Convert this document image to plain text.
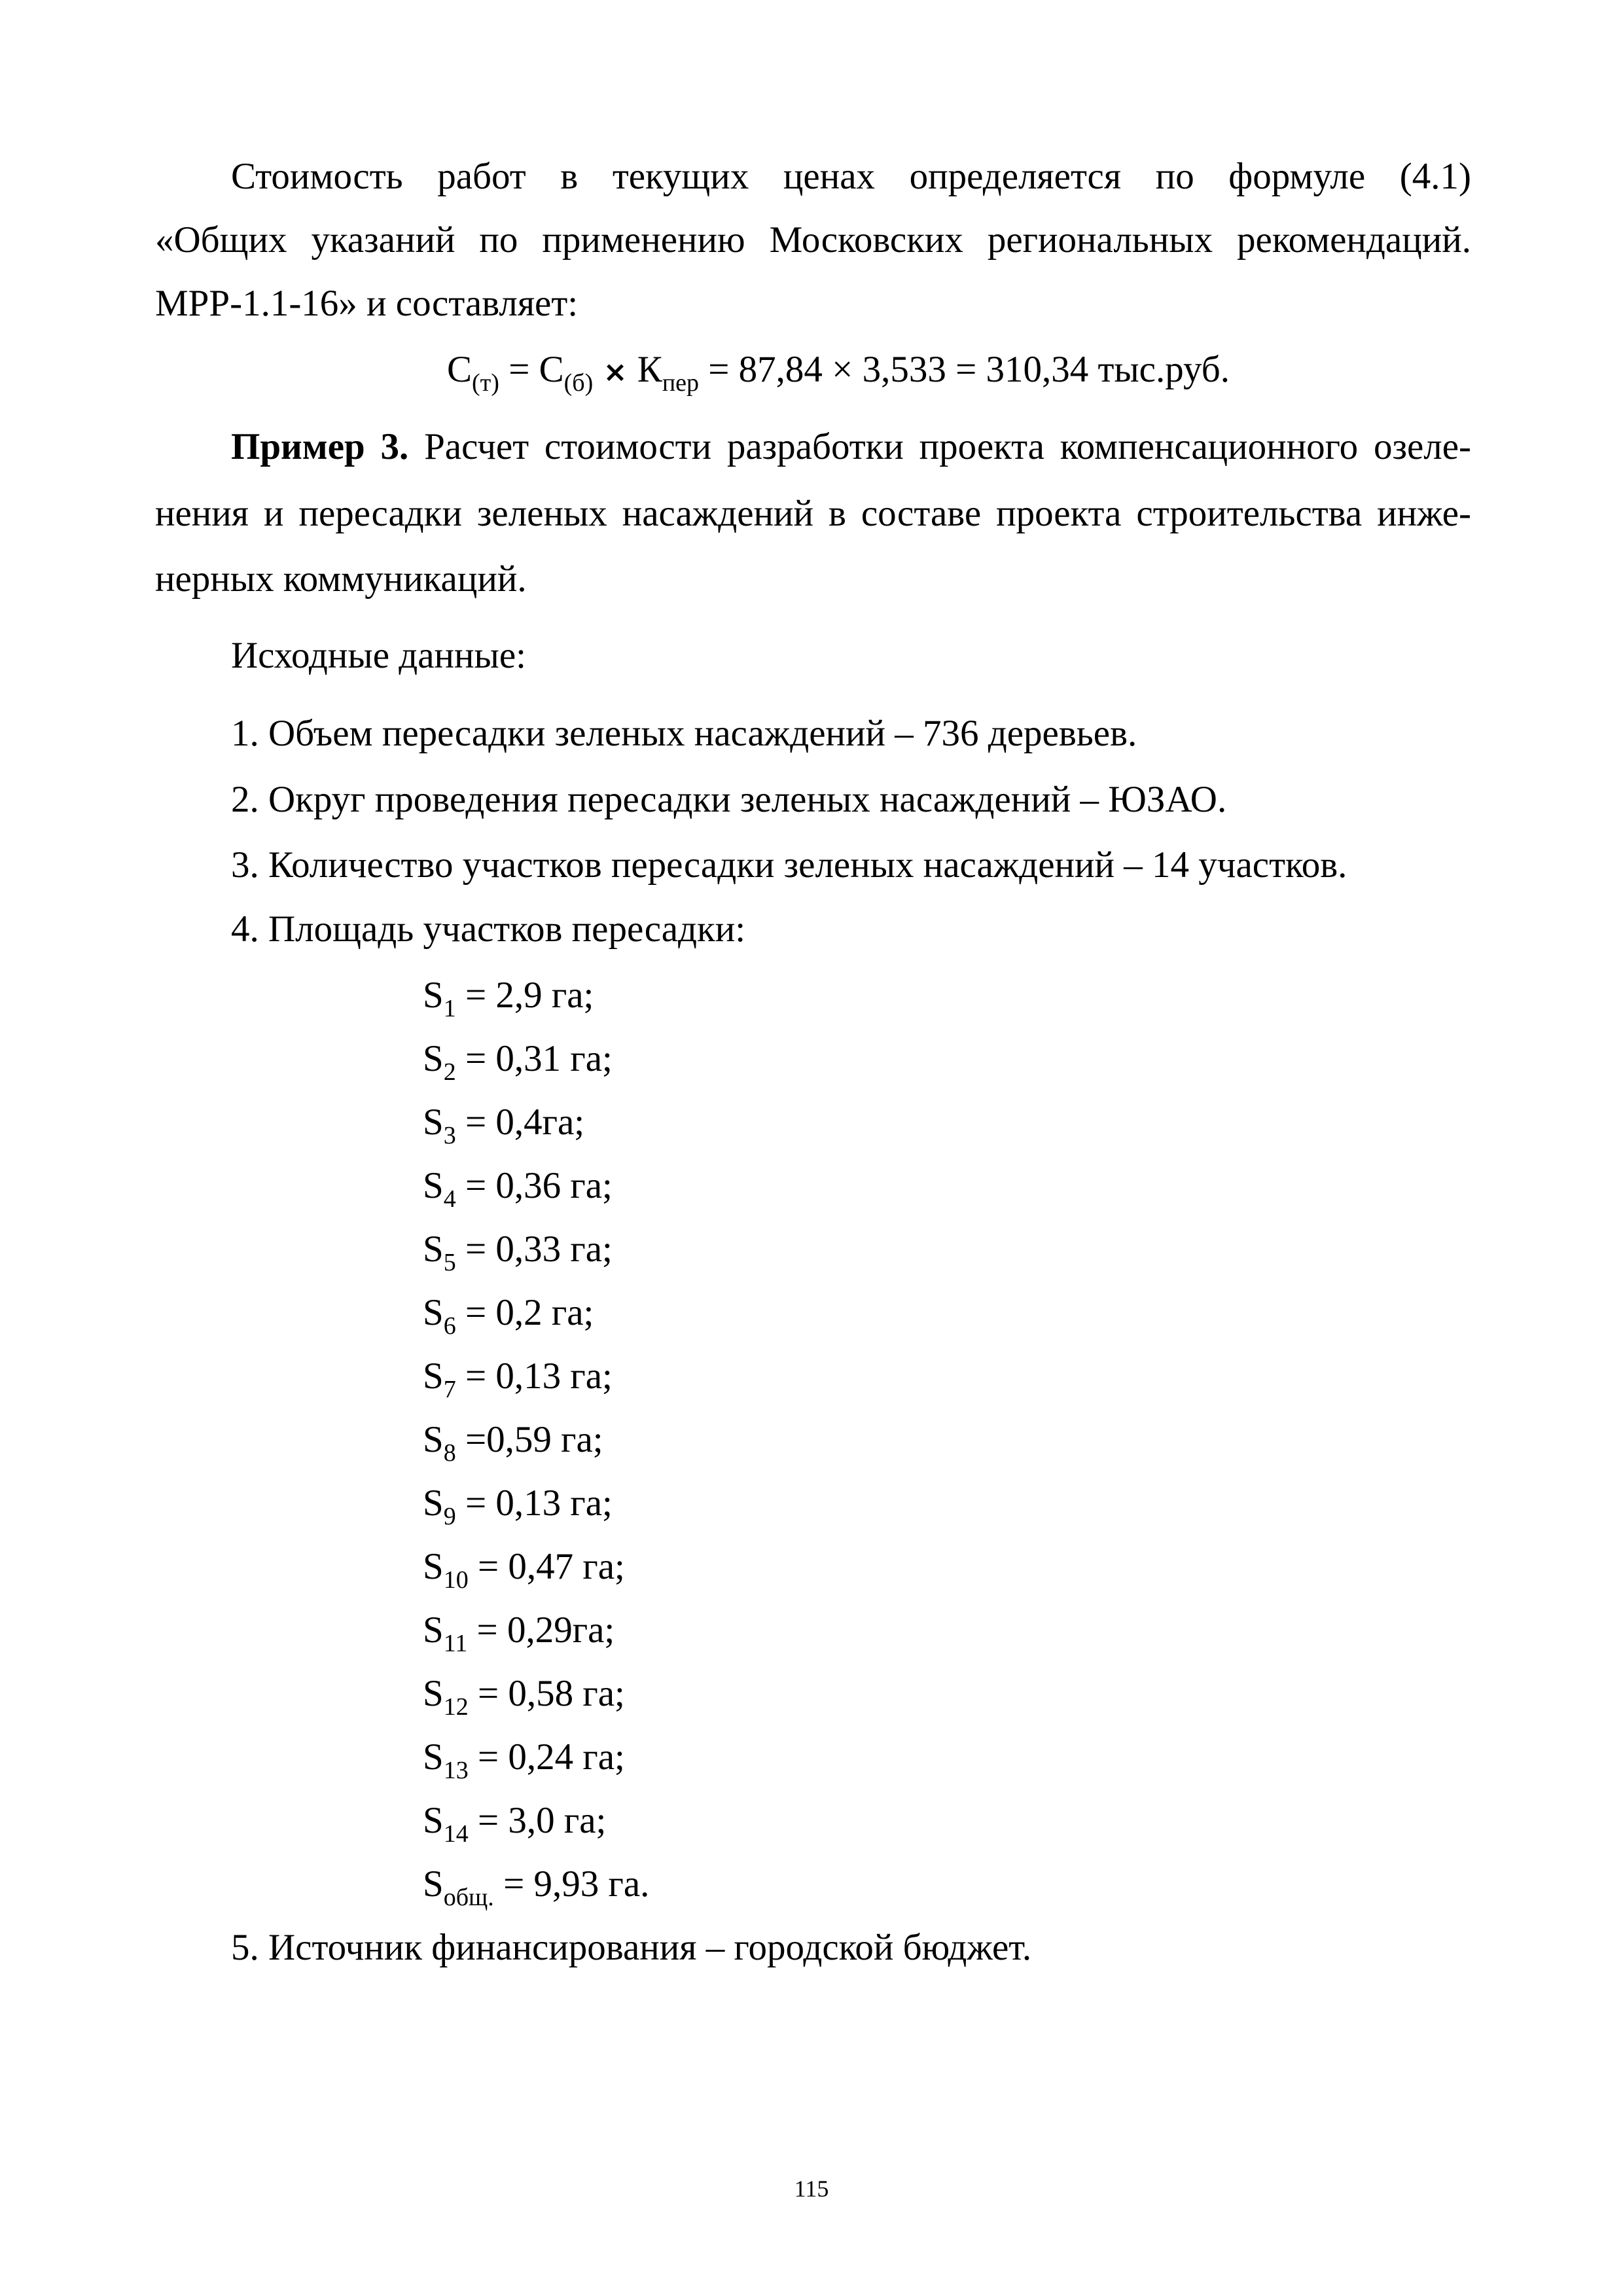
Стоимость работ в текущих ценах определяется по формуле (4.1)
«Общих указаний по применению Московских региональных рекомендаций.
МРР-1.1-16» и составляет:
$С_{(т)} = С_{(б)} \times К_{пер} = 87,84 \times 3,533 = 310,34$ тыс.руб.
Пример 3. Расчет стоимости разработки проекта компенсационного озеле-
нения и пересадки зеленых насаждений в составе проекта строительства инже-
нерных коммуникаций.
Исходные данные:
1. Объем пересадки зеленых насаждений – 736 деревьев.
2. Округ проведения пересадки зеленых насаждений – ЮЗАО.
3. Количество участков пересадки зеленых насаждений – 14 участков.
4. Площадь участков пересадки:
$S_1 = 2,9$ га;
$S_2 = 0,31$ га;
$S_3 = 0,4га$;
$S_4 = 0,36$ га;
$S_5 = 0,33$ га;
$S_6 = 0,2$ га;
$S_7 = 0,13$ га;
$S_8 =0,59$ га;
$S_9 = 0,13$ га;
$S_{10} = 0,47$ га;
$S_{11} = 0,29га$;
$S_{12} = 0,58$ га;
$S_{13} = 0,24$ га;
$S_{14} = 3,0$ га;
$S_{общ.} = 9,93$ га.
5. Источник финансирования – городской бюджет.
115
